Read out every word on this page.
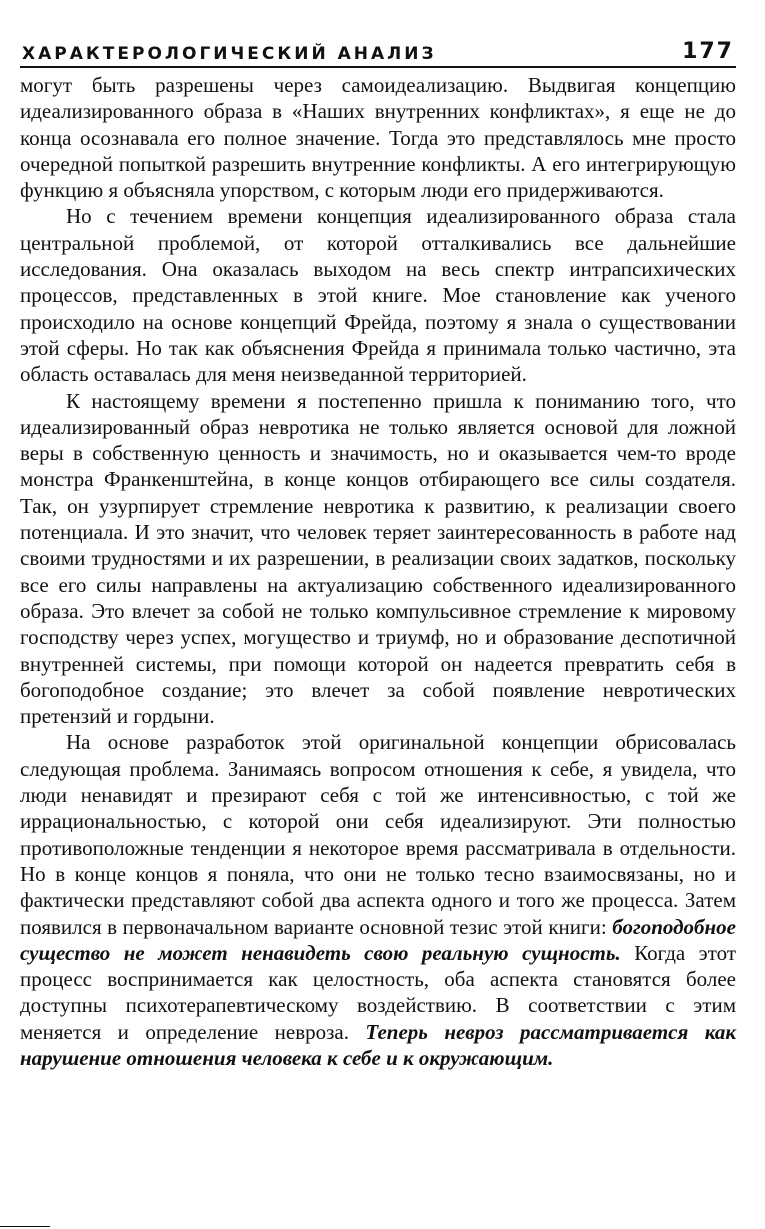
ХАРАКТЕРОЛОГИЧЕСКИЙ АНАЛИЗ	177

могут быть разрешены через самоидеализацию. Выдвигая концепцию идеализированного образа в «Наших внутренних конфликтах», я еще не до конца осознавала его полное значение. Тогда это представлялось мне просто очередной попыткой разрешить внутренние конфликты. А его интегрирующую функцию я объясняла упорством, с которым люди его придерживаются.

Но с течением времени концепция идеализированного образа стала центральной проблемой, от которой отталкивались все дальнейшие исследования. Она оказалась выходом на весь спектр интрапсихических процессов, представленных в этой книге. Мое становление как ученого происходило на основе концепций Фрейда, поэтому я знала о существовании этой сферы. Но так как объяснения Фрейда я принимала только частично, эта область оставалась для меня неизведанной территорией.

К настоящему времени я постепенно пришла к пониманию того, что идеализированный образ невротика не только является основой для ложной веры в собственную ценность и значимость, но и оказывается чем-то вроде монстра Франкенштейна, в конце концов отбирающего все силы создателя. Так, он узурпирует стремление невротика к развитию, к реализации своего потенциала. И это значит, что человек теряет заинтересованность в работе над своими трудностями и их разрешении, в реализации своих задатков, поскольку все его силы направлены на актуализацию собственного идеализированного образа. Это влечет за собой не только компульсивное стремление к мировому господству через успех, могущество и триумф, но и образование деспотичной внутренней системы, при помощи которой он надеется превратить себя в богоподобное создание; это влечет за собой появление невротических претензий и гордыни.

На основе разработок этой оригинальной концепции обрисовалась следующая проблема. Занимаясь вопросом отношения к себе, я увидела, что люди ненавидят и презирают себя с той же интенсивностью, с той же иррациональностью, с которой они себя идеализируют. Эти полностью противоположные тенденции я некоторое время рассматривала в отдельности. Но в конце концов я поняла, что они не только тесно взаимосвязаны, но и фактически представляют собой два аспекта одного и того же процесса. Затем появился в первоначальном варианте основной тезис этой книги: богоподобное существо не может ненавидеть свою реальную сущность. Когда этот процесс воспринимается как целостность, оба аспекта становятся более доступны психотерапевтическому воздействию. В соответствии с этим меняется и определение невроза. Теперь невроз рассматривается как нарушение отношения человека к себе и к окружающим.
